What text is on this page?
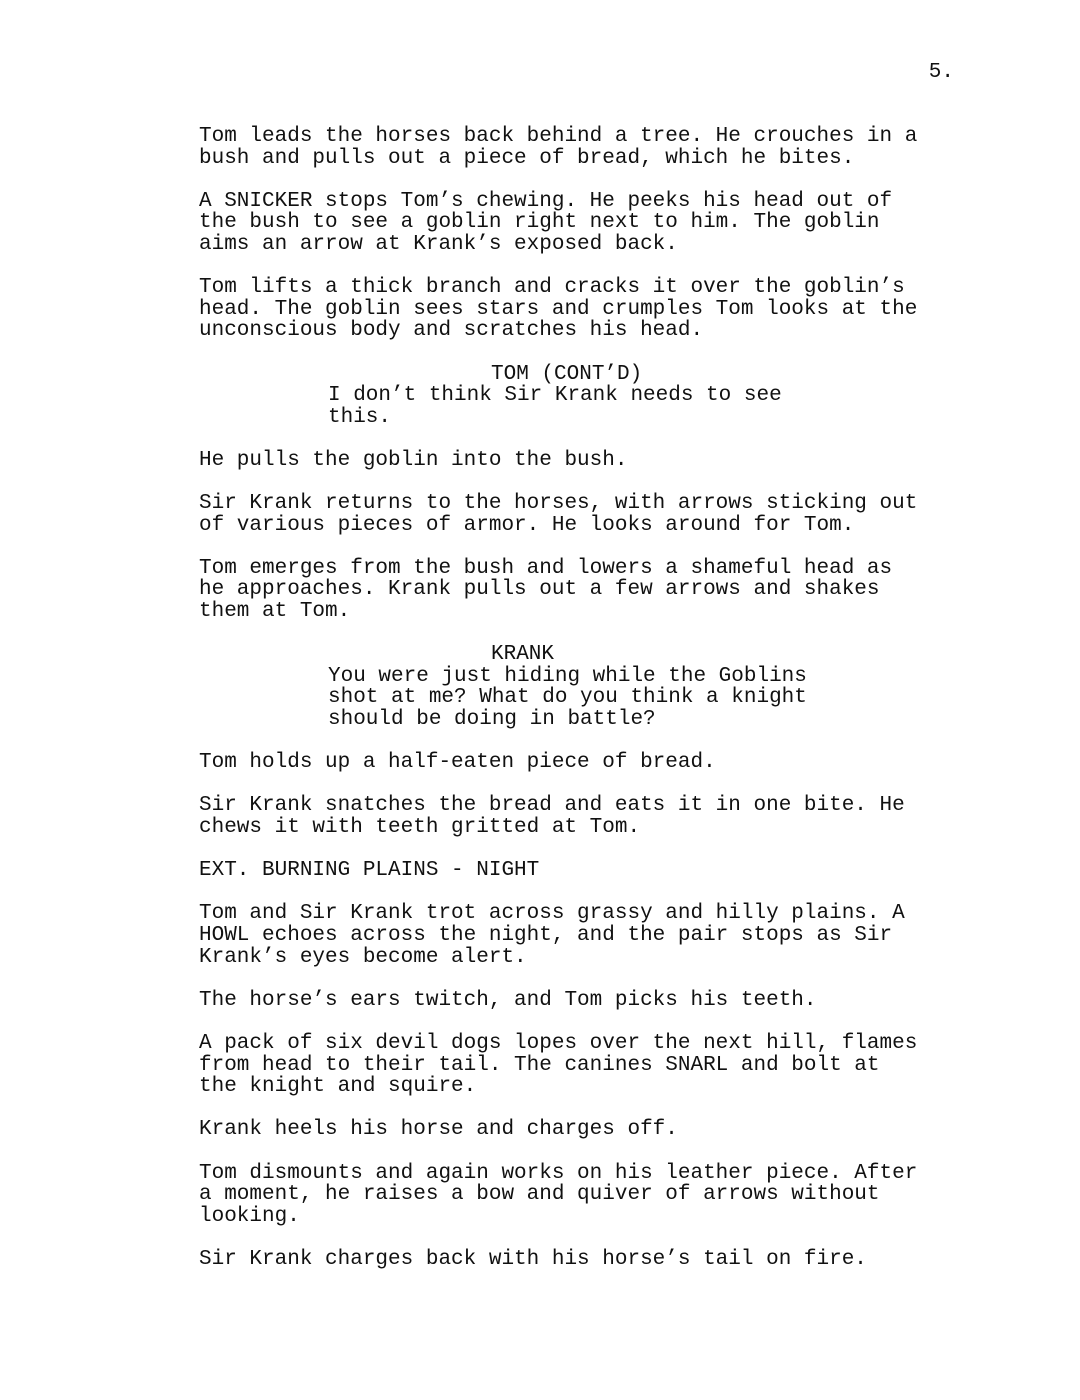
5.
Tom leads the horses back behind a tree. He crouches in a
bush and pulls out a piece of bread, which he bites.
A SNICKER stops Tom’s chewing. He peeks his head out of
the bush to see a goblin right next to him. The goblin
aims an arrow at Krank’s exposed back.
Tom lifts a thick branch and cracks it over the goblin’s
head. The goblin sees stars and crumples Tom looks at the
unconscious body and scratches his head.
TOM (CONT’D)
I don’t think Sir Krank needs to see
this.
He pulls the goblin into the bush.
Sir Krank returns to the horses, with arrows sticking out
of various pieces of armor. He looks around for Tom.
Tom emerges from the bush and lowers a shameful head as
he approaches. Krank pulls out a few arrows and shakes
them at Tom.
KRANK
You were just hiding while the Goblins
shot at me? What do you think a knight
should be doing in battle?
Tom holds up a half-eaten piece of bread.
Sir Krank snatches the bread and eats it in one bite. He
chews it with teeth gritted at Tom.
EXT. BURNING PLAINS - NIGHT
Tom and Sir Krank trot across grassy and hilly plains. A
HOWL echoes across the night, and the pair stops as Sir
Krank’s eyes become alert.
The horse’s ears twitch, and Tom picks his teeth.
A pack of six devil dogs lopes over the next hill, flames
from head to their tail. The canines SNARL and bolt at
the knight and squire.
Krank heels his horse and charges off.
Tom dismounts and again works on his leather piece. After
a moment, he raises a bow and quiver of arrows without
looking.
Sir Krank charges back with his horse’s tail on fire.
